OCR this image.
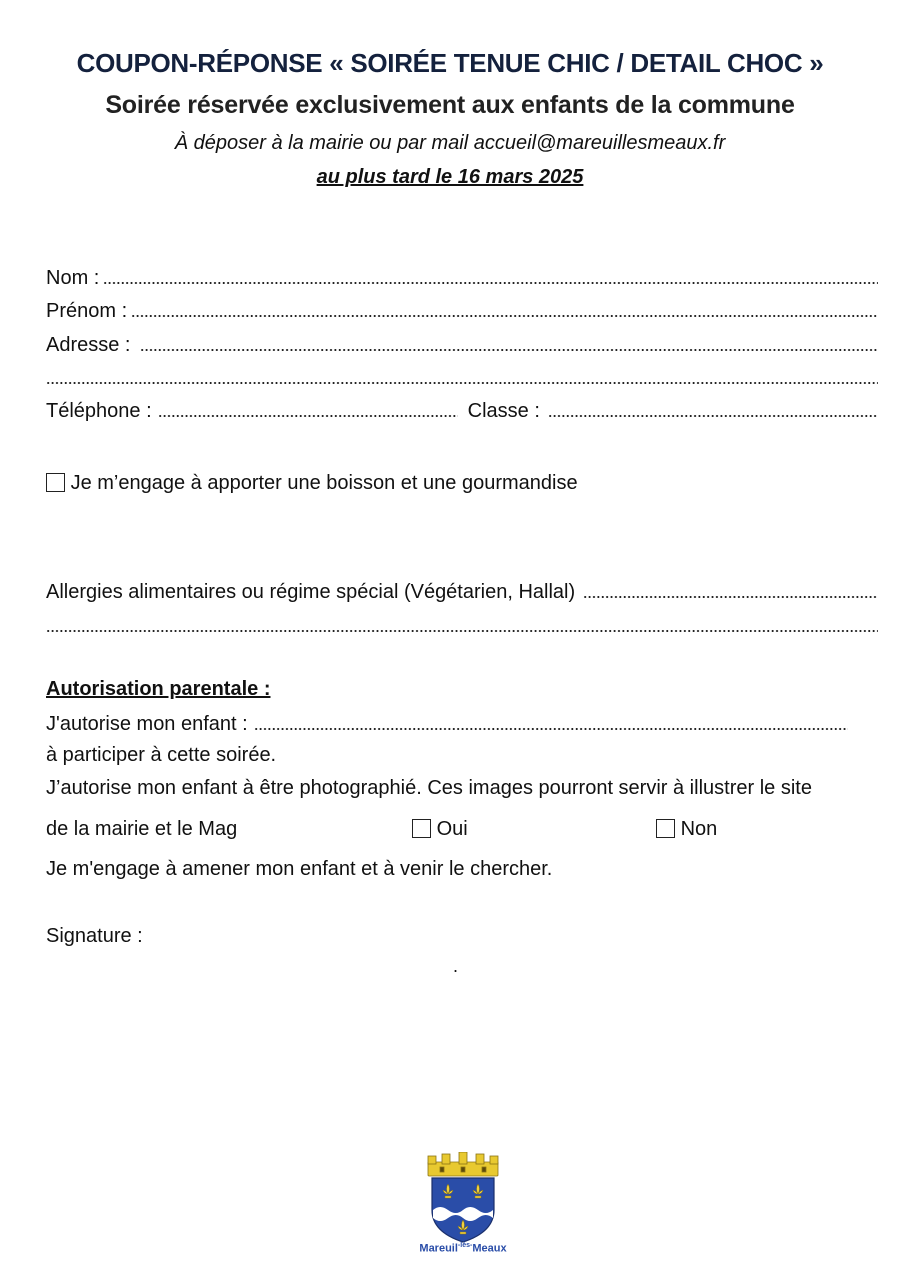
COUPON-RÉPONSE « SOIRÉE TENUE CHIC / DETAIL CHOC »
Soirée réservée exclusivement aux enfants de la commune
À déposer à la mairie ou par mail accueil@mareuillesmeaux.fr
au plus tard le 16 mars 2025
Nom :
Prénom :
Adresse :
Téléphone :	Classe :
Je m’engage à apporter une boisson et une gourmandise
Allergies alimentaires ou régime spécial (Végétarien, Hallal)
Autorisation parentale :
J'autorise mon enfant :
à participer à cette soirée.
J’autorise mon enfant à être photographié. Ces images pourront servir à illustrer le site
de la mairie et le Mag	Oui	Non
Je m'engage à amener mon enfant et à venir le chercher.
Signature :
.
Mareuil$^{-lès-}$Meaux
